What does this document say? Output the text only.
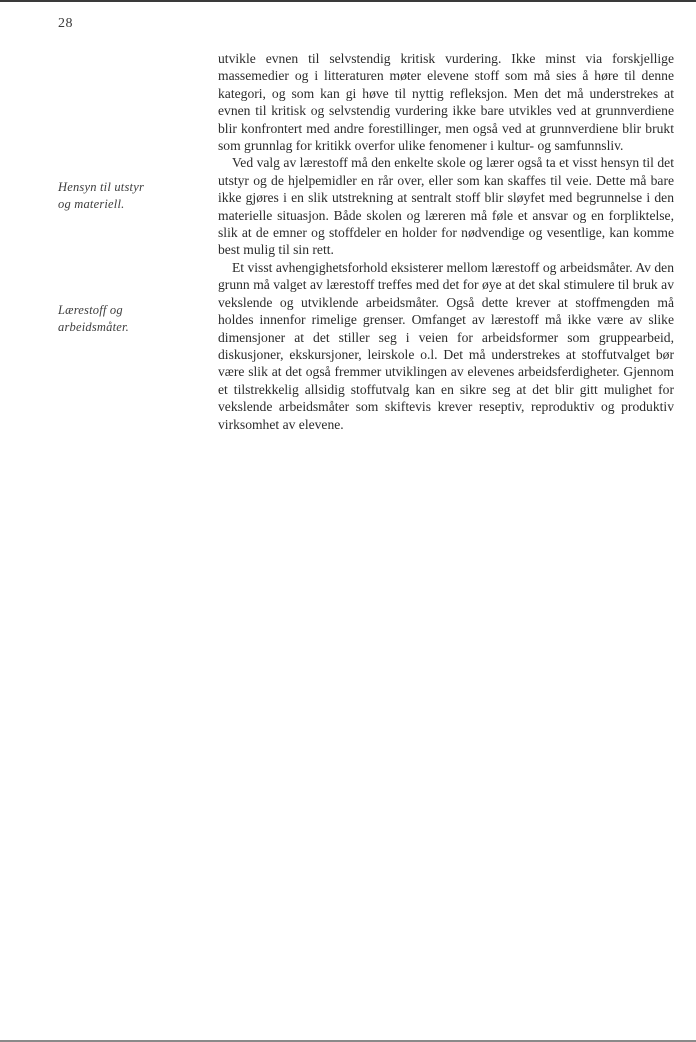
28
Hensyn til utstyr
og materiell.
Lærestoff og
arbeidsmåter.

utvikle evnen til selvstendig kritisk vurdering. Ikke minst via forskjellige massemedier og i litteraturen møter elevene stoff som må sies å høre til denne kategori, og som kan gi høve til nyttig refleksjon. Men det må understrekes at evnen til kritisk og selvstendig vurdering ikke bare utvikles ved at grunnverdiene blir konfrontert med andre forestillinger, men også ved at grunnverdiene blir brukt som grunnlag for kritikk overfor ulike fenomener i kultur- og samfunnsliv.

Ved valg av lærestoff må den enkelte skole og lærer også ta et visst hensyn til det utstyr og de hjelpemidler en rår over, eller som kan skaffes til veie. Dette må bare ikke gjøres i en slik utstrekning at sentralt stoff blir sløyfet med begrunnelse i den materielle situasjon. Både skolen og læreren må føle et ansvar og en forpliktelse, slik at de emner og stoffdeler en holder for nødvendige og vesentlige, kan komme best mulig til sin rett.

Et visst avhengighetsforhold eksisterer mellom lærestoff og arbeidsmåter. Av den grunn må valget av lærestoff treffes med det for øye at det skal stimulere til bruk av vekslende og utviklende arbeidsmåter. Også dette krever at stoffmengden må holdes innenfor rimelige grenser. Omfanget av lærestoff må ikke være av slike dimensjoner at det stiller seg i veien for arbeidsformer som gruppearbeid, diskusjoner, ekskursjoner, leirskole o.l. Det må understrekes at stoffutvalget bør være slik at det også fremmer utviklingen av elevenes arbeidsferdigheter. Gjennom et tilstrekkelig allsidig stoffutvalg kan en sikre seg at det blir gitt mulighet for vekslende arbeidsmåter som skiftevis krever reseptiv, reproduktiv og produktiv virksomhet av elevene.
